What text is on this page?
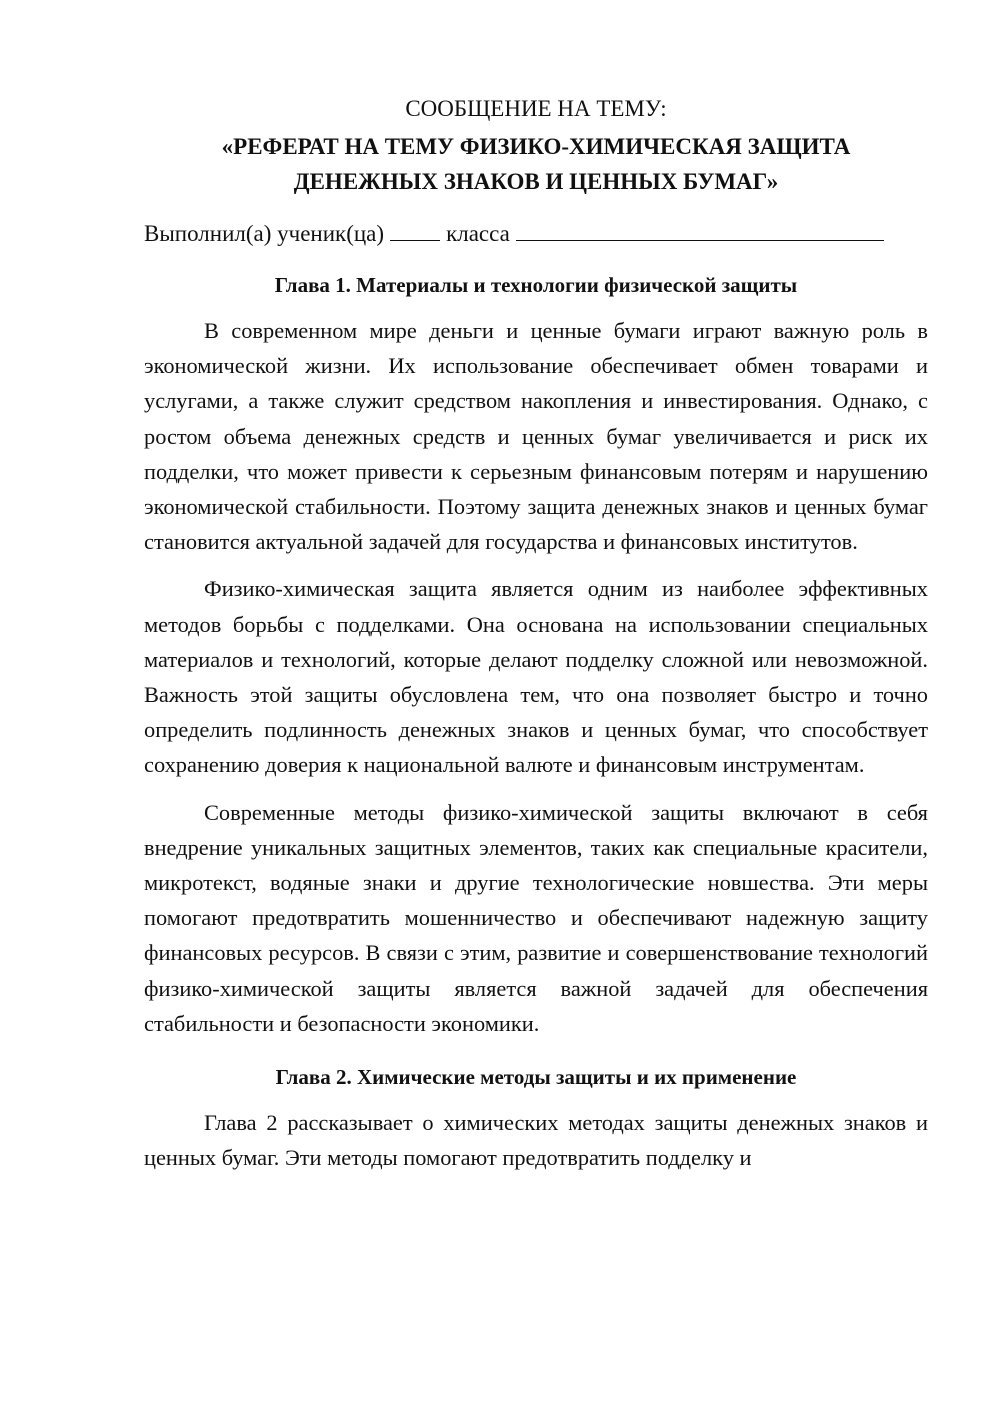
СООБЩЕНИЕ НА ТЕМУ:

«РЕФЕРАТ НА ТЕМУ ФИЗИКО-ХИМИЧЕСКАЯ ЗАЩИТА

ДЕНЕЖНЫХ ЗНАКОВ И ЦЕННЫХ БУМАГ»

Выполнил(а) ученик(ца)	класса
Глава 1. Материалы и технологии физической защиты

В современном мире деньги и ценные бумаги играют важную роль в экономической жизни. Их использование обеспечивает обмен товарами и услугами, а также служит средством накопления и инвестирования. Однако, с ростом объема денежных средств и ценных бумаг увеличивается и риск их подделки, что может привести к серьезным финансовым потерям и нарушению экономической стабильности. Поэтому защита денежных знаков и ценных бумаг становится актуальной задачей для государства и финансовых институтов.

Физико-химическая защита является одним из наиболее эффективных методов борьбы с подделками. Она основана на использовании специальных материалов и технологий, которые делают подделку сложной или невозможной. Важность этой защиты обусловлена тем, что она позволяет быстро и точно определить подлинность денежных знаков и ценных бумаг, что способствует сохранению доверия к национальной валюте и финансовым инструментам.

Современные методы физико-химической защиты включают в себя внедрение уникальных защитных элементов, таких как специальные красители, микротекст, водяные знаки и другие технологические новшества. Эти меры помогают предотвратить мошенничество и обеспечивают надежную защиту финансовых ресурсов. В связи с этим, развитие и совершенствование технологий физико-химической защиты является важной задачей для обеспечения стабильности и безопасности экономики.

Глава 2. Химические методы защиты и их применение

Глава 2 рассказывает о химических методах защиты денежных знаков и ценных бумаг. Эти методы помогают предотвратить подделку и
